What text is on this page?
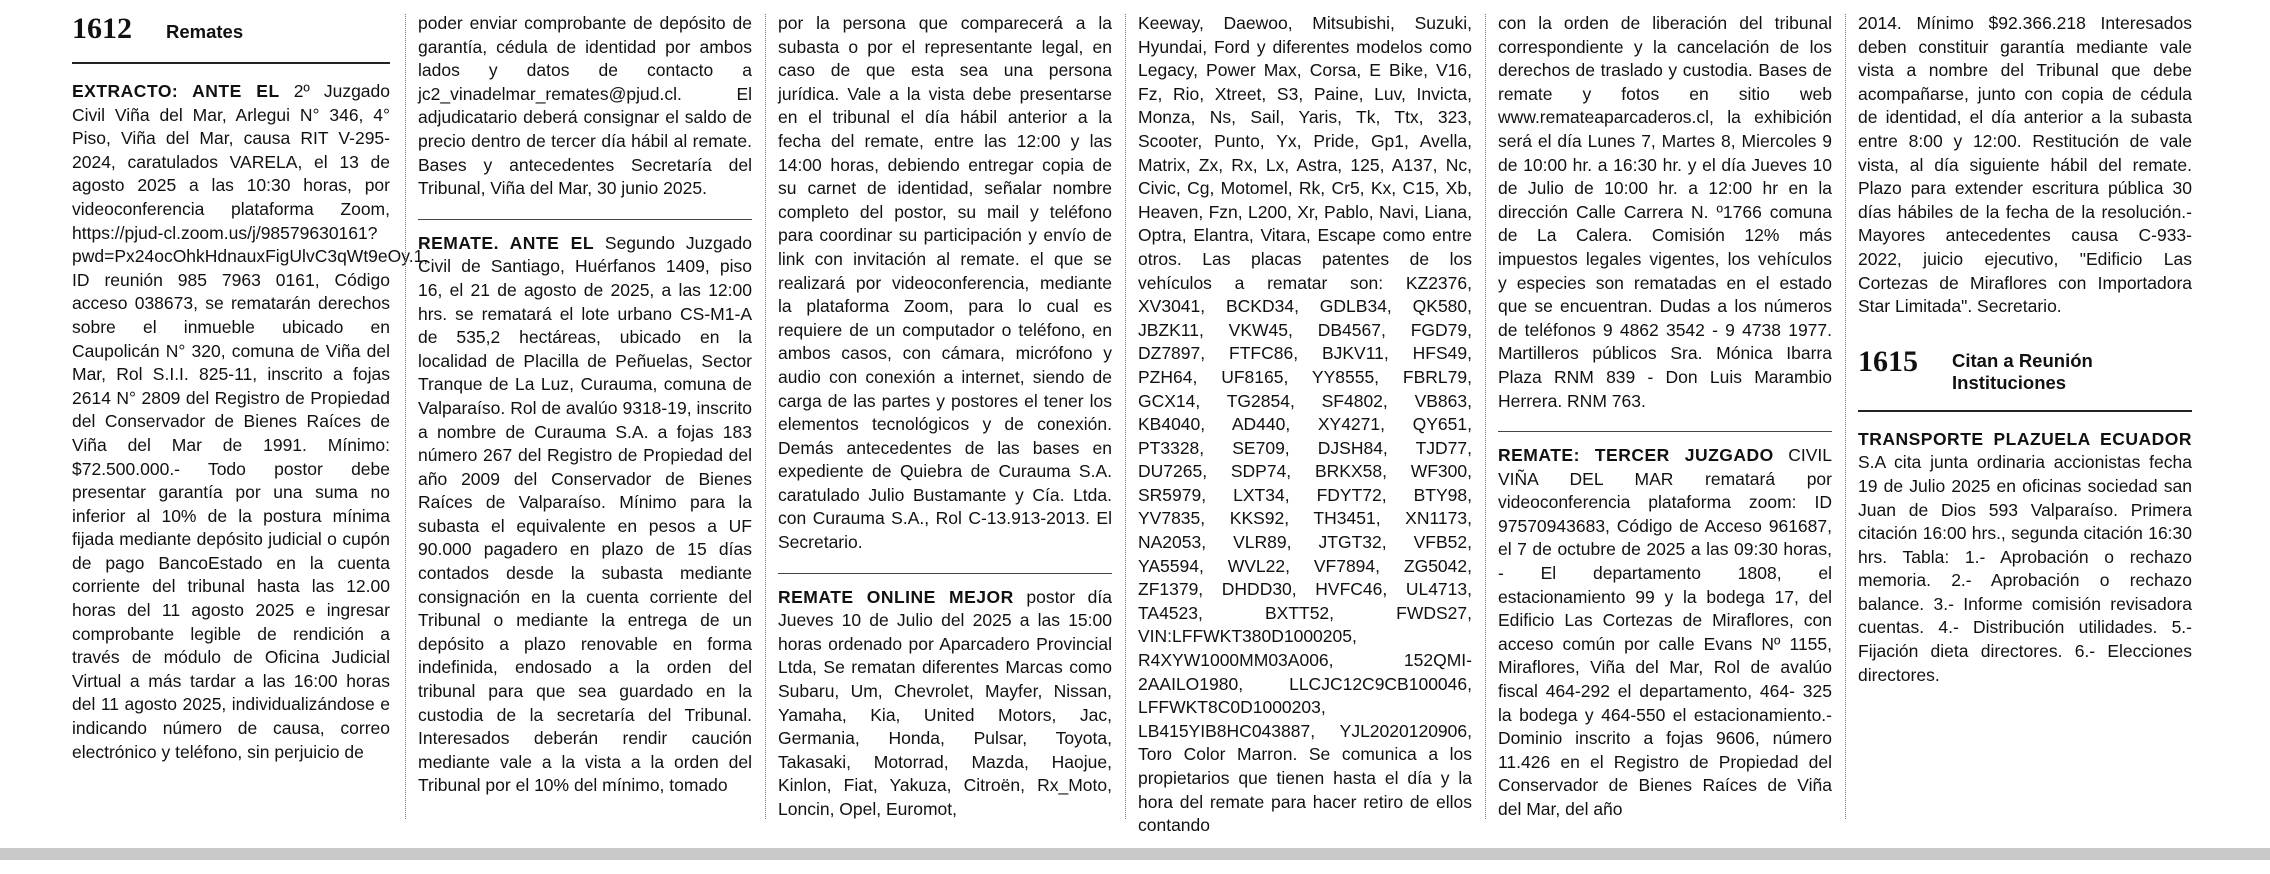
1612 Remates

EXTRACTO: ANTE EL 2º Juzgado Civil Viña del Mar, Arlegui N° 346, 4° Piso, Viña del Mar, causa RIT V-295-2024, caratulados VARELA, el 13 de agosto 2025 a las 10:30 horas, por videoconferencia plataforma Zoom, https://pjud-cl.zoom.us/j/98579630161?pwd=Px24ocOhkHdnauxFigUlvC3qWt9eOy.1, ID reunión 985 7963 0161, Código acceso 038673, se rematarán derechos sobre el inmueble ubicado en Caupolicán N° 320, comuna de Viña del Mar, Rol S.I.I. 825-11, inscrito a fojas 2614 N° 2809 del Registro de Propiedad del Conservador de Bienes Raíces de Viña del Mar de 1991. Mínimo: $72.500.000.- Todo postor debe presentar garantía por una suma no inferior al 10% de la postura mínima fijada mediante depósito judicial o cupón de pago BancoEstado en la cuenta corriente del tribunal hasta las 12.00 horas del 11 agosto 2025 e ingresar comprobante legible de rendición a través de módulo de Oficina Judicial Virtual a más tardar a las 16:00 horas del 11 agosto 2025, individualizándose e indicando número de causa, correo electrónico y teléfono, sin perjuicio de

poder enviar comprobante de depósito de garantía, cédula de identidad por ambos lados y datos de contacto a jc2_vinadelmar_remates@pjud.cl. El adjudicatario deberá consignar el saldo de precio dentro de tercer día hábil al remate. Bases y antecedentes Secretaría del Tribunal, Viña del Mar, 30 junio 2025.

REMATE. ANTE EL Segundo Juzgado Civil de Santiago, Huérfanos 1409, piso 16, el 21 de agosto de 2025, a las 12:00 hrs. se rematará el lote urbano CS-M1-A de 535,2 hectáreas, ubicado en la localidad de Placilla de Peñuelas, Sector Tranque de La Luz, Curauma, comuna de Valparaíso. Rol de avalúo 9318-19, inscrito a nombre de Curauma S.A. a fojas 183 número 267 del Registro de Propiedad del año 2009 del Conservador de Bienes Raíces de Valparaíso. Mínimo para la subasta el equivalente en pesos a UF 90.000 pagadero en plazo de 15 días contados desde la subasta mediante consignación en la cuenta corriente del Tribunal o mediante la entrega de un depósito a plazo renovable en forma indefinida, endosado a la orden del tribunal para que sea guardado en la custodia de la secretaría del Tribunal. Interesados deberán rendir caución mediante vale a la vista a la orden del Tribunal por el 10% del mínimo, tomado

por la persona que comparecerá a la subasta o por el representante legal, en caso de que esta sea una persona jurídica. Vale a la vista debe presentarse en el tribunal el día hábil anterior a la fecha del remate, entre las 12:00 y las 14:00 horas, debiendo entregar copia de su carnet de identidad, señalar nombre completo del postor, su mail y teléfono para coordinar su participación y envío de link con invitación al remate. el que se realizará por videoconferencia, mediante la plataforma Zoom, para lo cual es requiere de un computador o teléfono, en ambos casos, con cámara, micrófono y audio con conexión a internet, siendo de carga de las partes y postores el tener los elementos tecnológicos y de conexión. Demás antecedentes de las bases en expediente de Quiebra de Curauma S.A. caratulado Julio Bustamante y Cía. Ltda. con Curauma S.A., Rol C-13.913-2013. El Secretario.

REMATE ONLINE MEJOR postor día Jueves 10 de Julio del 2025 a las 15:00 horas ordenado por Aparcadero Provincial Ltda, Se rematan diferentes Marcas como Subaru, Um, Chevrolet, Mayfer, Nissan, Yamaha, Kia, United Motors, Jac, Germania, Honda, Pulsar, Toyota, Takasaki, Motorrad, Mazda, Haojue, Kinlon, Fiat, Yakuza, Citroën, Rx_Moto, Loncin, Opel, Euromot,

Keeway, Daewoo, Mitsubishi, Suzuki, Hyundai, Ford y diferentes modelos como Legacy, Power Max, Corsa, E Bike, V16, Fz, Rio, Xtreet, S3, Paine, Luv, Invicta, Monza, Ns, Sail, Yaris, Tk, Ttx, 323, Scooter, Punto, Yx, Pride, Gp1, Avella, Matrix, Zx, Rx, Lx, Astra, 125, A137, Nc, Civic, Cg, Motomel, Rk, Cr5, Kx, C15, Xb, Heaven, Fzn, L200, Xr, Pablo, Navi, Liana, Optra, Elantra, Vitara, Escape como entre otros. Las placas patentes de los vehículos a rematar son: KZ2376, XV3041, BCKD34, GDLB34, QK580, JBZK11, VKW45, DB4567, FGD79, DZ7897, FTFC86, BJKV11, HFS49, PZH64, UF8165, YY8555, FBRL79, GCX14, TG2854, SF4802, VB863, KB4040, AD440, XY4271, QY651, PT3328, SE709, DJSH84, TJD77, DU7265, SDP74, BRKX58, WF300, SR5979, LXT34, FDYT72, BTY98, YV7835, KKS92, TH3451, XN1173, NA2053, VLR89, JTGT32, VFB52, YA5594, WVL22, VF7894, ZG5042, ZF1379, DHDD30, HVFC46, UL4713, TA4523, BXTT52, FWDS27, VIN:LFFWKT380D1000205, R4XYW1000MM03A006, 152QMI-2AAILO1980, LLCJC12C9CB100046, LFFWKT8C0D1000203, LB415YIB8HC043887, YJL2020120906, Toro Color Marron. Se comunica a los propietarios que tienen hasta el día y la hora del remate para hacer retiro de ellos contando

con la orden de liberación del tribunal correspondiente y la cancelación de los derechos de traslado y custodia. Bases de remate y fotos en sitio web www.remateaparcaderos.cl, la exhibición será el día Lunes 7, Martes 8, Miercoles 9 de 10:00 hr. a 16:30 hr. y el día Jueves 10 de Julio de 10:00 hr. a 12:00 hr en la dirección Calle Carrera N. º1766 comuna de La Calera. Comisión 12% más impuestos legales vigentes, los vehículos y especies son rematadas en el estado que se encuentran. Dudas a los números de teléfonos 9 4862 3542 - 9 4738 1977. Martilleros públicos Sra. Mónica Ibarra Plaza RNM 839 - Don Luis Marambio Herrera. RNM 763.

REMATE: TERCER JUZGADO CIVIL VIÑA DEL MAR rematará por videoconferencia plataforma zoom: ID 97570943683, Código de Acceso 961687, el 7 de octubre de 2025 a las 09:30 horas, - El departamento 1808, el estacionamiento 99 y la bodega 17, del Edificio Las Cortezas de Miraflores, con acceso común por calle Evans Nº 1155, Miraflores, Viña del Mar, Rol de avalúo fiscal 464-292 el departamento, 464- 325 la bodega y 464-550 el estacionamiento.- Dominio inscrito a fojas 9606, número 11.426 en el Registro de Propiedad del Conservador de Bienes Raíces de Viña del Mar, del año

2014. Mínimo $92.366.218 Interesados deben constituir garantía mediante vale vista a nombre del Tribunal que debe acompañarse, junto con copia de cédula de identidad, el día anterior a la subasta entre 8:00 y 12:00. Restitución de vale vista, al día siguiente hábil del remate. Plazo para extender escritura pública 30 días hábiles de la fecha de la resolución.- Mayores antecedentes causa C-933- 2022, juicio ejecutivo, "Edificio Las Cortezas de Miraflores con Importadora Star Limitada". Secretario.

1615 Citan a Reunión
Instituciones

TRANSPORTE PLAZUELA ECUADOR S.A cita junta ordinaria accionistas fecha 19 de Julio 2025 en oficinas sociedad san Juan de Dios 593 Valparaíso. Primera citación 16:00 hrs., segunda citación 16:30 hrs. Tabla: 1.- Aprobación o rechazo memoria. 2.- Aprobación o rechazo balance. 3.- Informe comisión revisadora cuentas. 4.- Distribución utilidades. 5.- Fijación dieta directores. 6.- Elecciones directores.
